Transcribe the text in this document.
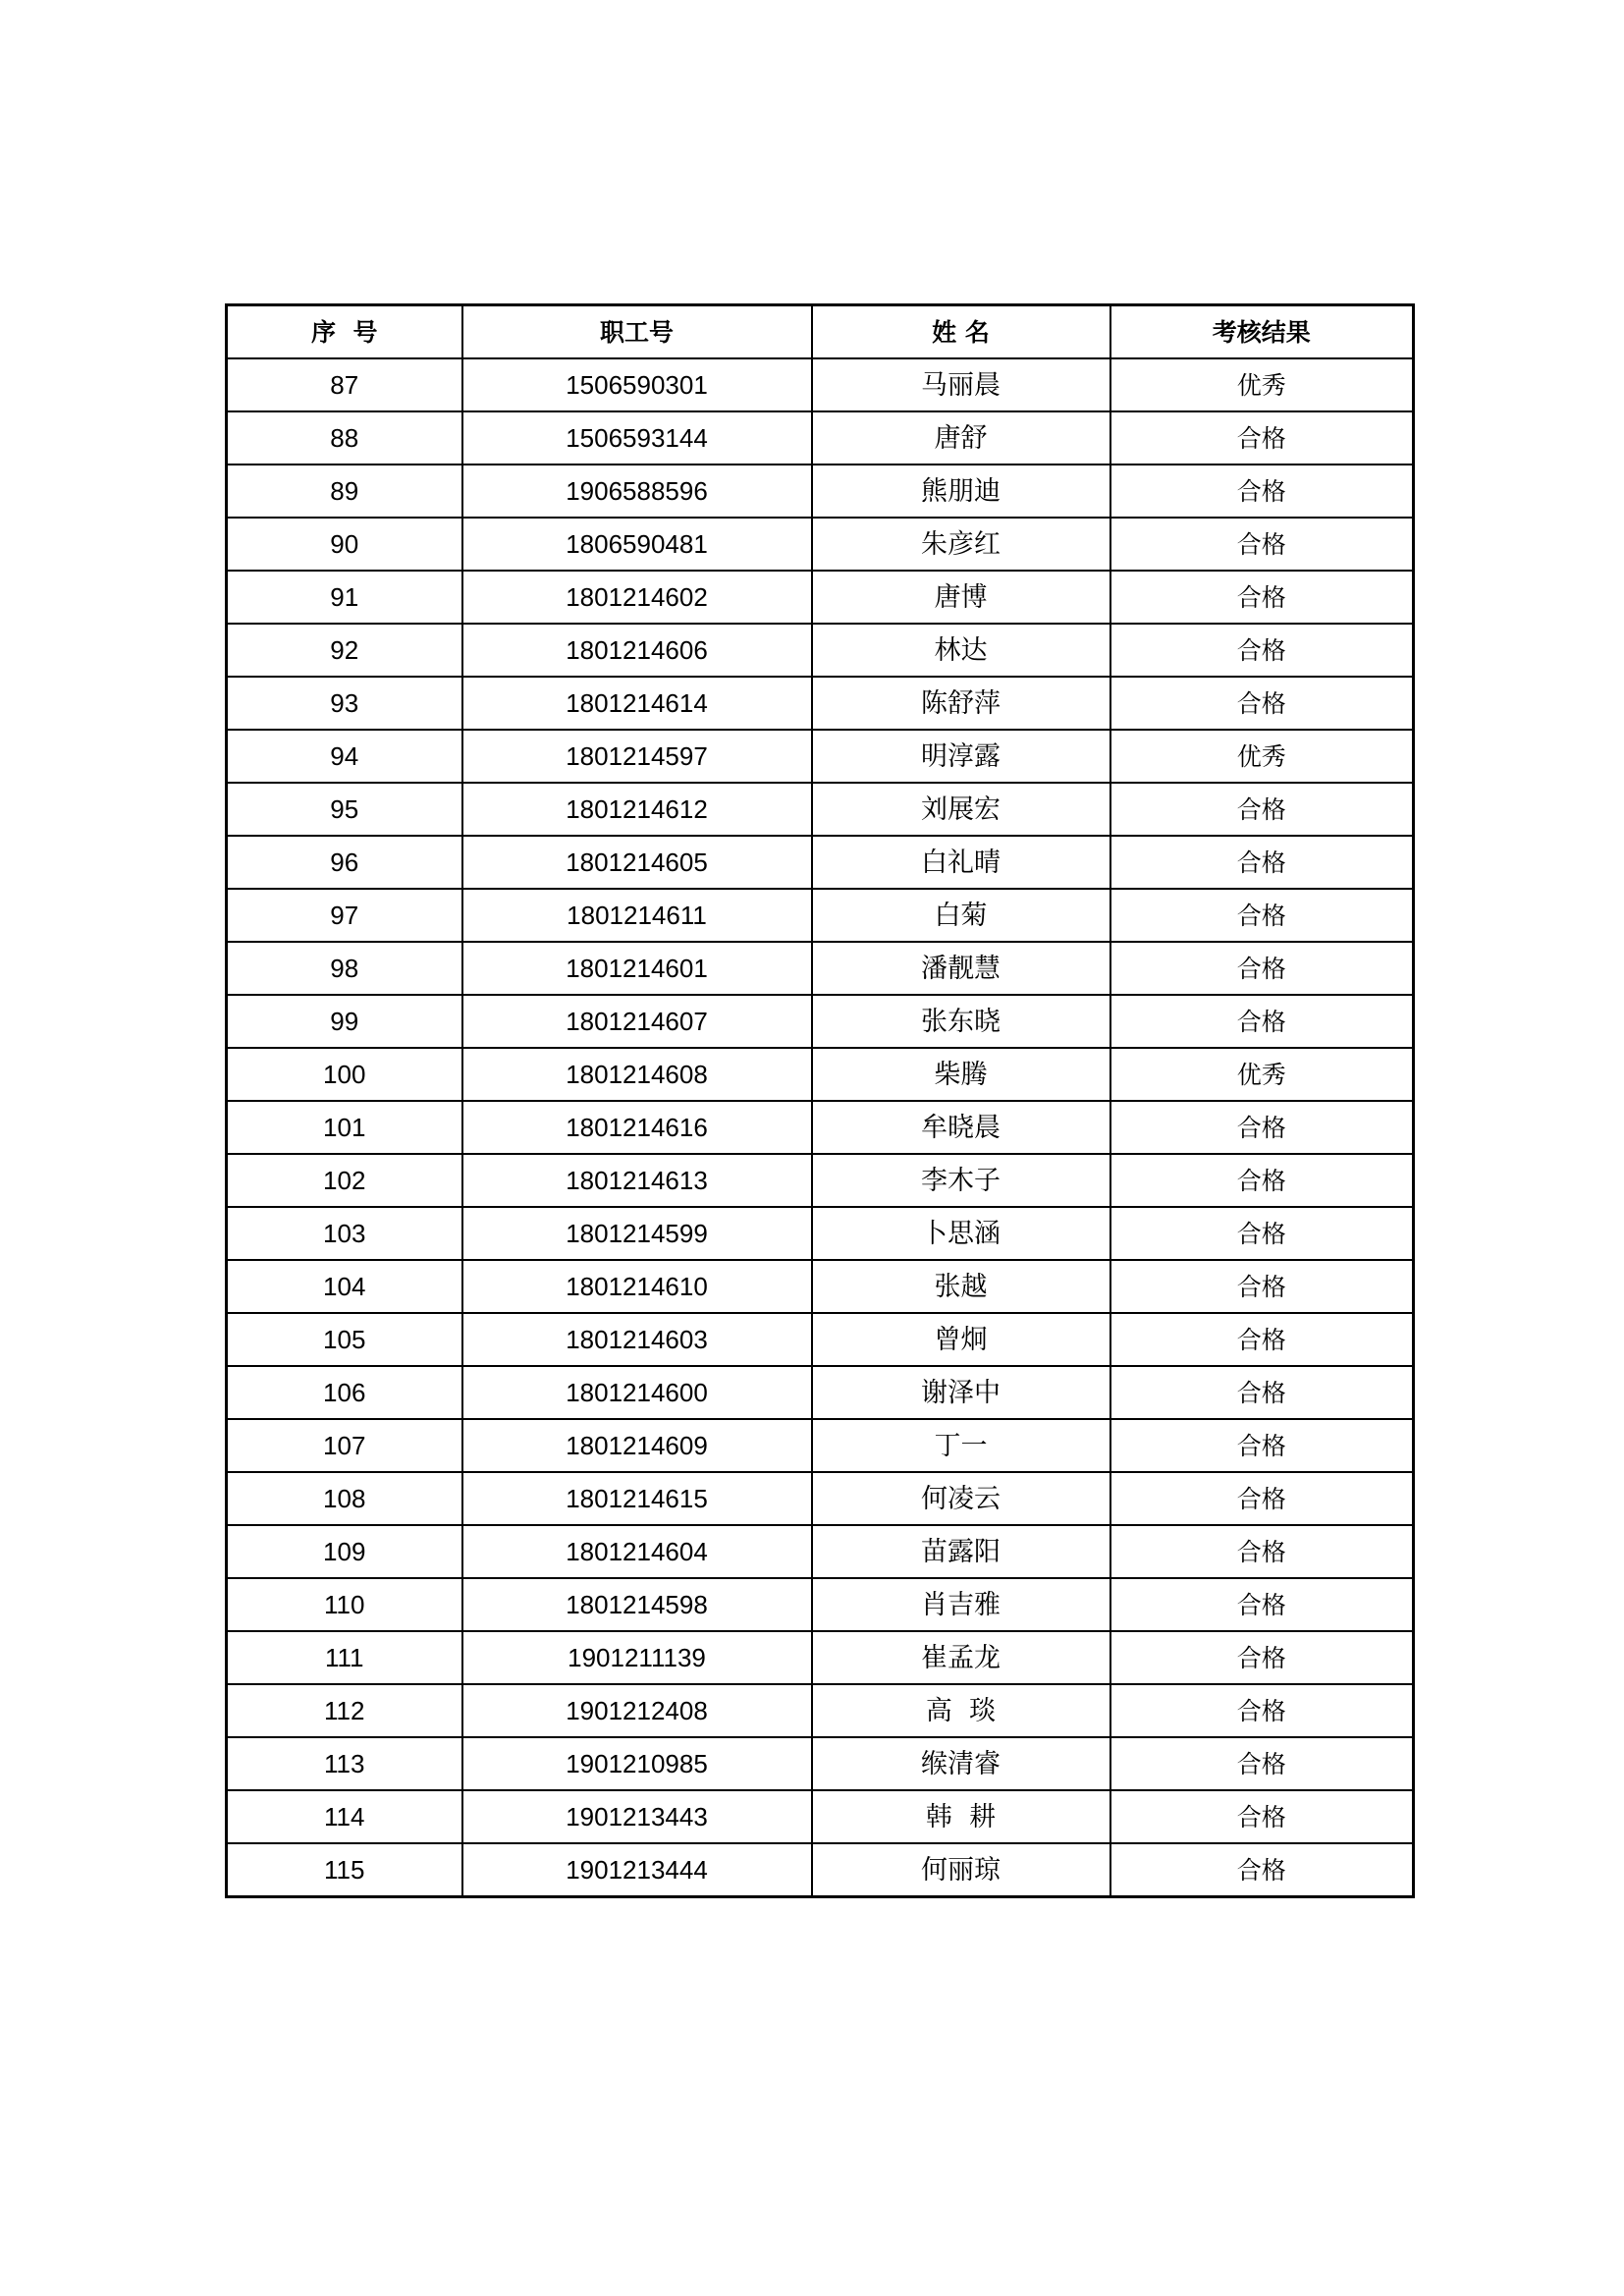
序  号	职工号	姓 名	考核结果
87	1506590301	马丽晨	优秀
88	1506593144	唐舒	合格
89	1906588596	熊朋迪	合格
90	1806590481	朱彦红	合格
91	1801214602	唐博	合格
92	1801214606	林达	合格
93	1801214614	陈舒萍	合格
94	1801214597	明淳露	优秀
95	1801214612	刘展宏	合格
96	1801214605	白礼晴	合格
97	1801214611	白菊	合格
98	1801214601	潘靓慧	合格
99	1801214607	张东晓	合格
100	1801214608	柴腾	优秀
101	1801214616	牟晓晨	合格
102	1801214613	李木子	合格
103	1801214599	卜思涵	合格
104	1801214610	张越	合格
105	1801214603	曾炯	合格
106	1801214600	谢泽中	合格
107	1801214609	丁一	合格
108	1801214615	何凌云	合格
109	1801214604	苗露阳	合格
110	1801214598	肖吉雅	合格
111	1901211139	崔孟龙	合格
112	1901212408	高  琰	合格
113	1901210985	缑清睿	合格
114	1901213443	韩  耕	合格
115	1901213444	何丽琼	合格
